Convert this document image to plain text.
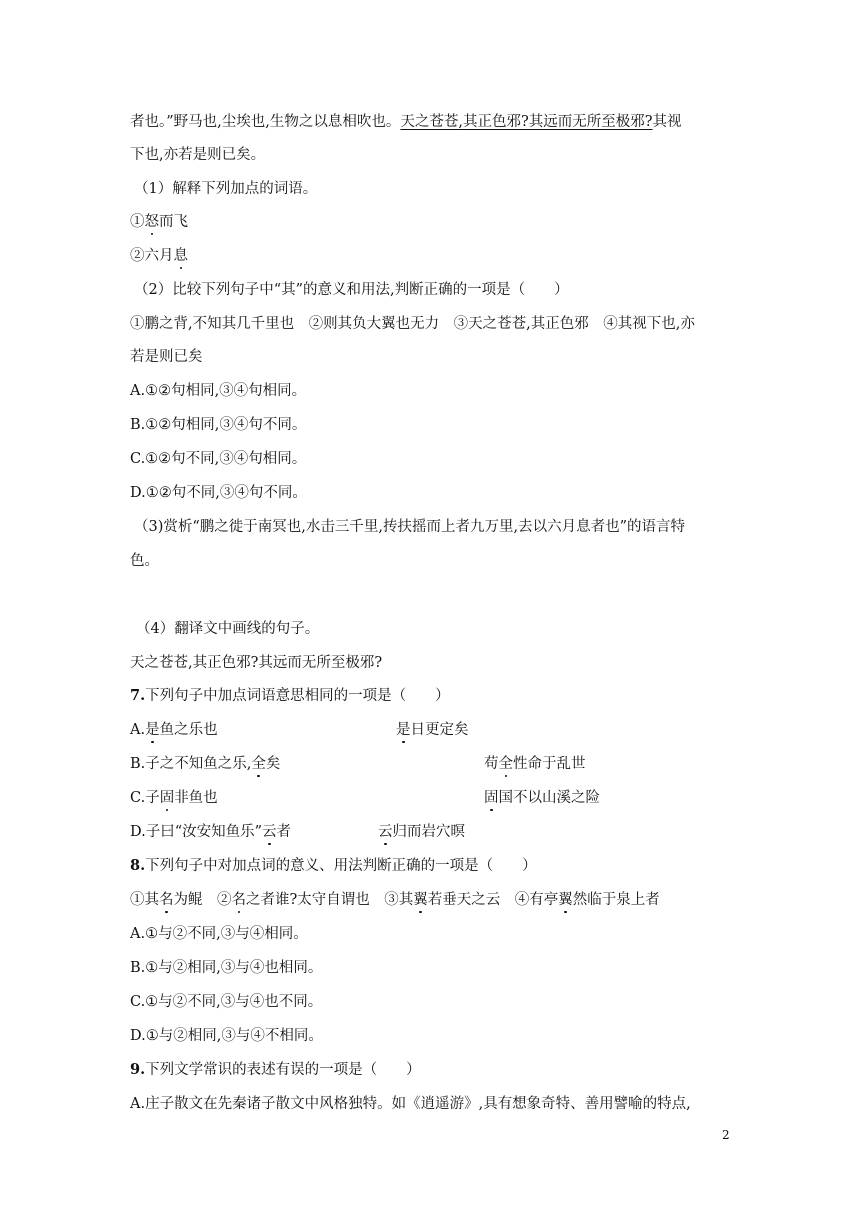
者也。”野马也,尘埃也,生物之以息相吹也。天之苍苍,其正色邪?其远而无所至极邪?其视
下也,亦若是则已矣。
（1）解释下列加点的词语。
①怒而飞
②六月息
（2）比较下列句子中“其”的意义和用法,判断正确的一项是（　　）
①鹏之背,不知其几千里也　②则其负大翼也无力　③天之苍苍,其正色邪　④其视下也,亦
若是则已矣
A.①②句相同,③④句相同。
B.①②句相同,③④句不同。
C.①②句不同,③④句相同。
D.①②句不同,③④句不同。
（3)赏析“鹏之徙于南冥也,水击三千里,抟扶摇而上者九万里,去以六月息者也”的语言特
色。
（4）翻译文中画线的句子。
天之苍苍,其正色邪?其远而无所至极邪?
7.下列句子中加点词语意思相同的一项是（　　）
A.是鱼之乐也	是日更定矣
B.子之不知鱼之乐,全矣	苟全性命于乱世
C.子固非鱼也	固国不以山溪之险
D.子曰“汝安知鱼乐”云者	云归而岩穴暝
8.下列句子中对加点词的意义、用法判断正确的一项是（　　）
①其名为鲲　②名之者谁?太守自谓也　③其翼若垂天之云　④有亭翼然临于泉上者
A.①与②不同,③与④相同。
B.①与②相同,③与④也相同。
C.①与②不同,③与④也不同。
D.①与②相同,③与④不相同。
9.下列文学常识的表述有误的一项是（　　）
A.庄子散文在先秦诸子散文中风格独特。如《逍遥游》,具有想象奇特、善用譬喻的特点,
2
